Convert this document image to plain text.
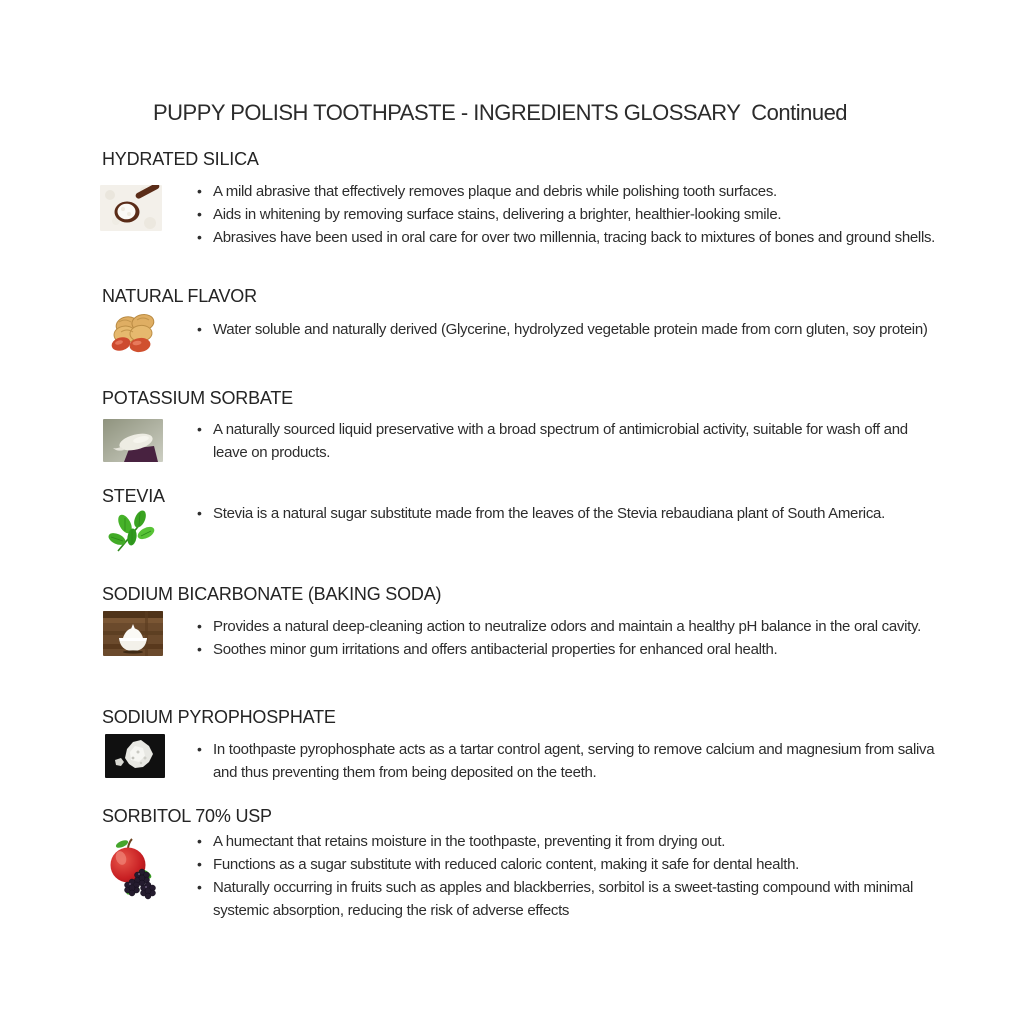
PUPPY POLISH TOOTHPASTE - INGREDIENTS GLOSSARY  Continued
HYDRATED SILICA
• A mild abrasive that effectively removes plaque and debris while polishing tooth surfaces.
• Aids in whitening by removing surface stains, delivering a brighter, healthier-looking smile.
• Abrasives have been used in oral care for over two millennia, tracing back to mixtures of bones and ground shells.
NATURAL FLAVOR
• Water soluble and naturally derived (Glycerine, hydrolyzed vegetable protein made from corn gluten, soy protein)
POTASSIUM SORBATE
• A naturally sourced liquid preservative with a broad spectrum of antimicrobial activity, suitable for wash off and leave on products.
STEVIA
• Stevia is a natural sugar substitute made from the leaves of the Stevia rebaudiana plant of South America.
SODIUM BICARBONATE (BAKING SODA)
• Provides a natural deep-cleaning action to neutralize odors and maintain a healthy pH balance in the oral cavity.
• Soothes minor gum irritations and offers antibacterial properties for enhanced oral health.
SODIUM PYROPHOSPHATE
• In toothpaste pyrophosphate acts as a tartar control agent, serving to remove calcium and magnesium from saliva and thus preventing them from being deposited on the teeth.
SORBITOL 70% USP
• A humectant that retains moisture in the toothpaste, preventing it from drying out.
• Functions as a sugar substitute with reduced caloric content, making it safe for dental health.
• Naturally occurring in fruits such as apples and blackberries, sorbitol is a sweet-tasting compound with minimal systemic absorption, reducing the risk of adverse effects
